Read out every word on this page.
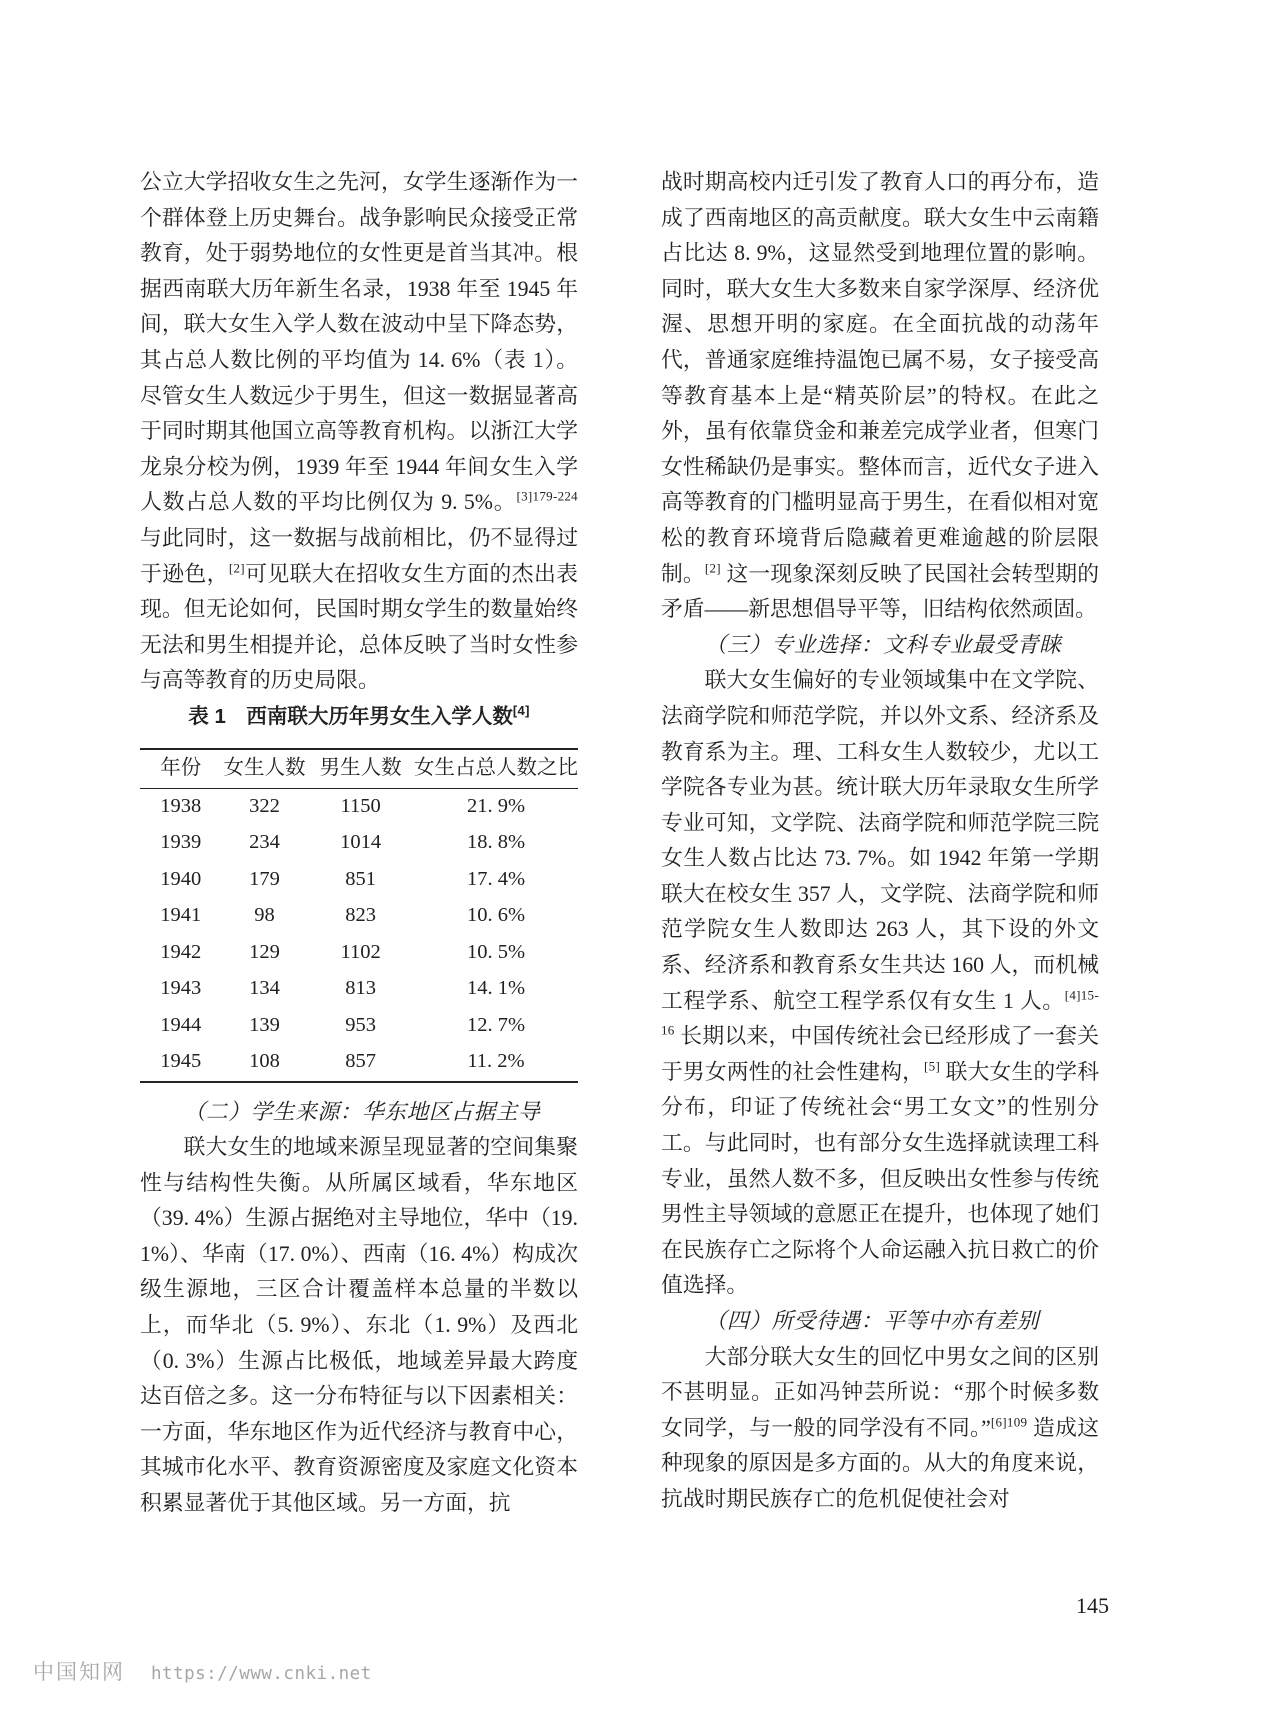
公立大学招收女生之先河，女学生逐渐作为一个群体登上历史舞台。战争影响民众接受正常教育，处于弱势地位的女性更是首当其冲。根据西南联大历年新生名录，1938 年至 1945 年间，联大女生入学人数在波动中呈下降态势，其占总人数比例的平均值为 14. 6%（表 1）。尽管女生人数远少于男生，但这一数据显著高于同时期其他国立高等教育机构。以浙江大学龙泉分校为例，1939 年至 1944 年间女生入学人数占总人数的平均比例仅为 9. 5%。$^{[3]179-224}$ 与此同时，这一数据与战前相比，仍不显得过于逊色，[2]可见联大在招收女生方面的杰出表现。但无论如何，民国时期女学生的数量始终无法和男生相提并论，总体反映了当时女性参与高等教育的历史局限。

表 1　西南联大历年男女生入学人数[4]

年份	女生人数	男生人数	女生占总人数之比
1938	322	1150	21. 9%
1939	234	1014	18. 8%
1940	179	851	17. 4%
1941	98	823	10. 6%
1942	129	1102	10. 5%
1943	134	813	14. 1%
1944	139	953	12. 7%
1945	108	857	11. 2%

（二）学生来源：华东地区占据主导

联大女生的地域来源呈现显著的空间集聚性与结构性失衡。从所属区域看，华东地区（39. 4%）生源占据绝对主导地位，华中（19. 1%）、华南（17. 0%）、西南（16. 4%）构成次级生源地，三区合计覆盖样本总量的半数以上，而华北（5. 9%）、东北（1. 9%）及西北（0. 3%）生源占比极低，地域差异最大跨度达百倍之多。这一分布特征与以下因素相关：一方面，华东地区作为近代经济与教育中心，其城市化水平、教育资源密度及家庭文化资本积累显著优于其他区域。另一方面，抗

战时期高校内迁引发了教育人口的再分布，造成了西南地区的高贡献度。联大女生中云南籍占比达 8. 9%，这显然受到地理位置的影响。同时，联大女生大多数来自家学深厚、经济优渥、思想开明的家庭。在全面抗战的动荡年代，普通家庭维持温饱已属不易，女子接受高等教育基本上是“精英阶层”的特权。在此之外，虽有依靠贷金和兼差完成学业者，但寒门女性稀缺仍是事实。整体而言，近代女子进入高等教育的门槛明显高于男生，在看似相对宽松的教育环境背后隐藏着更难逾越的阶层限制。[2] 这一现象深刻反映了民国社会转型期的矛盾——新思想倡导平等，旧结构依然顽固。

（三）专业选择：文科专业最受青睐

联大女生偏好的专业领域集中在文学院、法商学院和师范学院，并以外文系、经济系及教育系为主。理、工科女生人数较少，尤以工学院各专业为甚。统计联大历年录取女生所学专业可知，文学院、法商学院和师范学院三院女生人数占比达 73. 7%。如 1942 年第一学期联大在校女生 357 人，文学院、法商学院和师范学院女生人数即达 263 人，其下设的外文系、经济系和教育系女生共达 160 人，而机械工程学系、航空工程学系仅有女生 1 人。$^{[4]15-16}$ 长期以来，中国传统社会已经形成了一套关于男女两性的社会性建构，[5] 联大女生的学科分布，印证了传统社会“男工女文”的性别分工。与此同时，也有部分女生选择就读理工科专业，虽然人数不多，但反映出女性参与传统男性主导领域的意愿正在提升，也体现了她们在民族存亡之际将个人命运融入抗日救亡的价值选择。

（四）所受待遇：平等中亦有差别

大部分联大女生的回忆中男女之间的区别不甚明显。正如冯钟芸所说：“那个时候多数女同学，与一般的同学没有不同。”$^{[6]109}$ 造成这种现象的原因是多方面的。从大的角度来说，抗战时期民族存亡的危机促使社会对

145
中国知网 https://www.cnki.net
